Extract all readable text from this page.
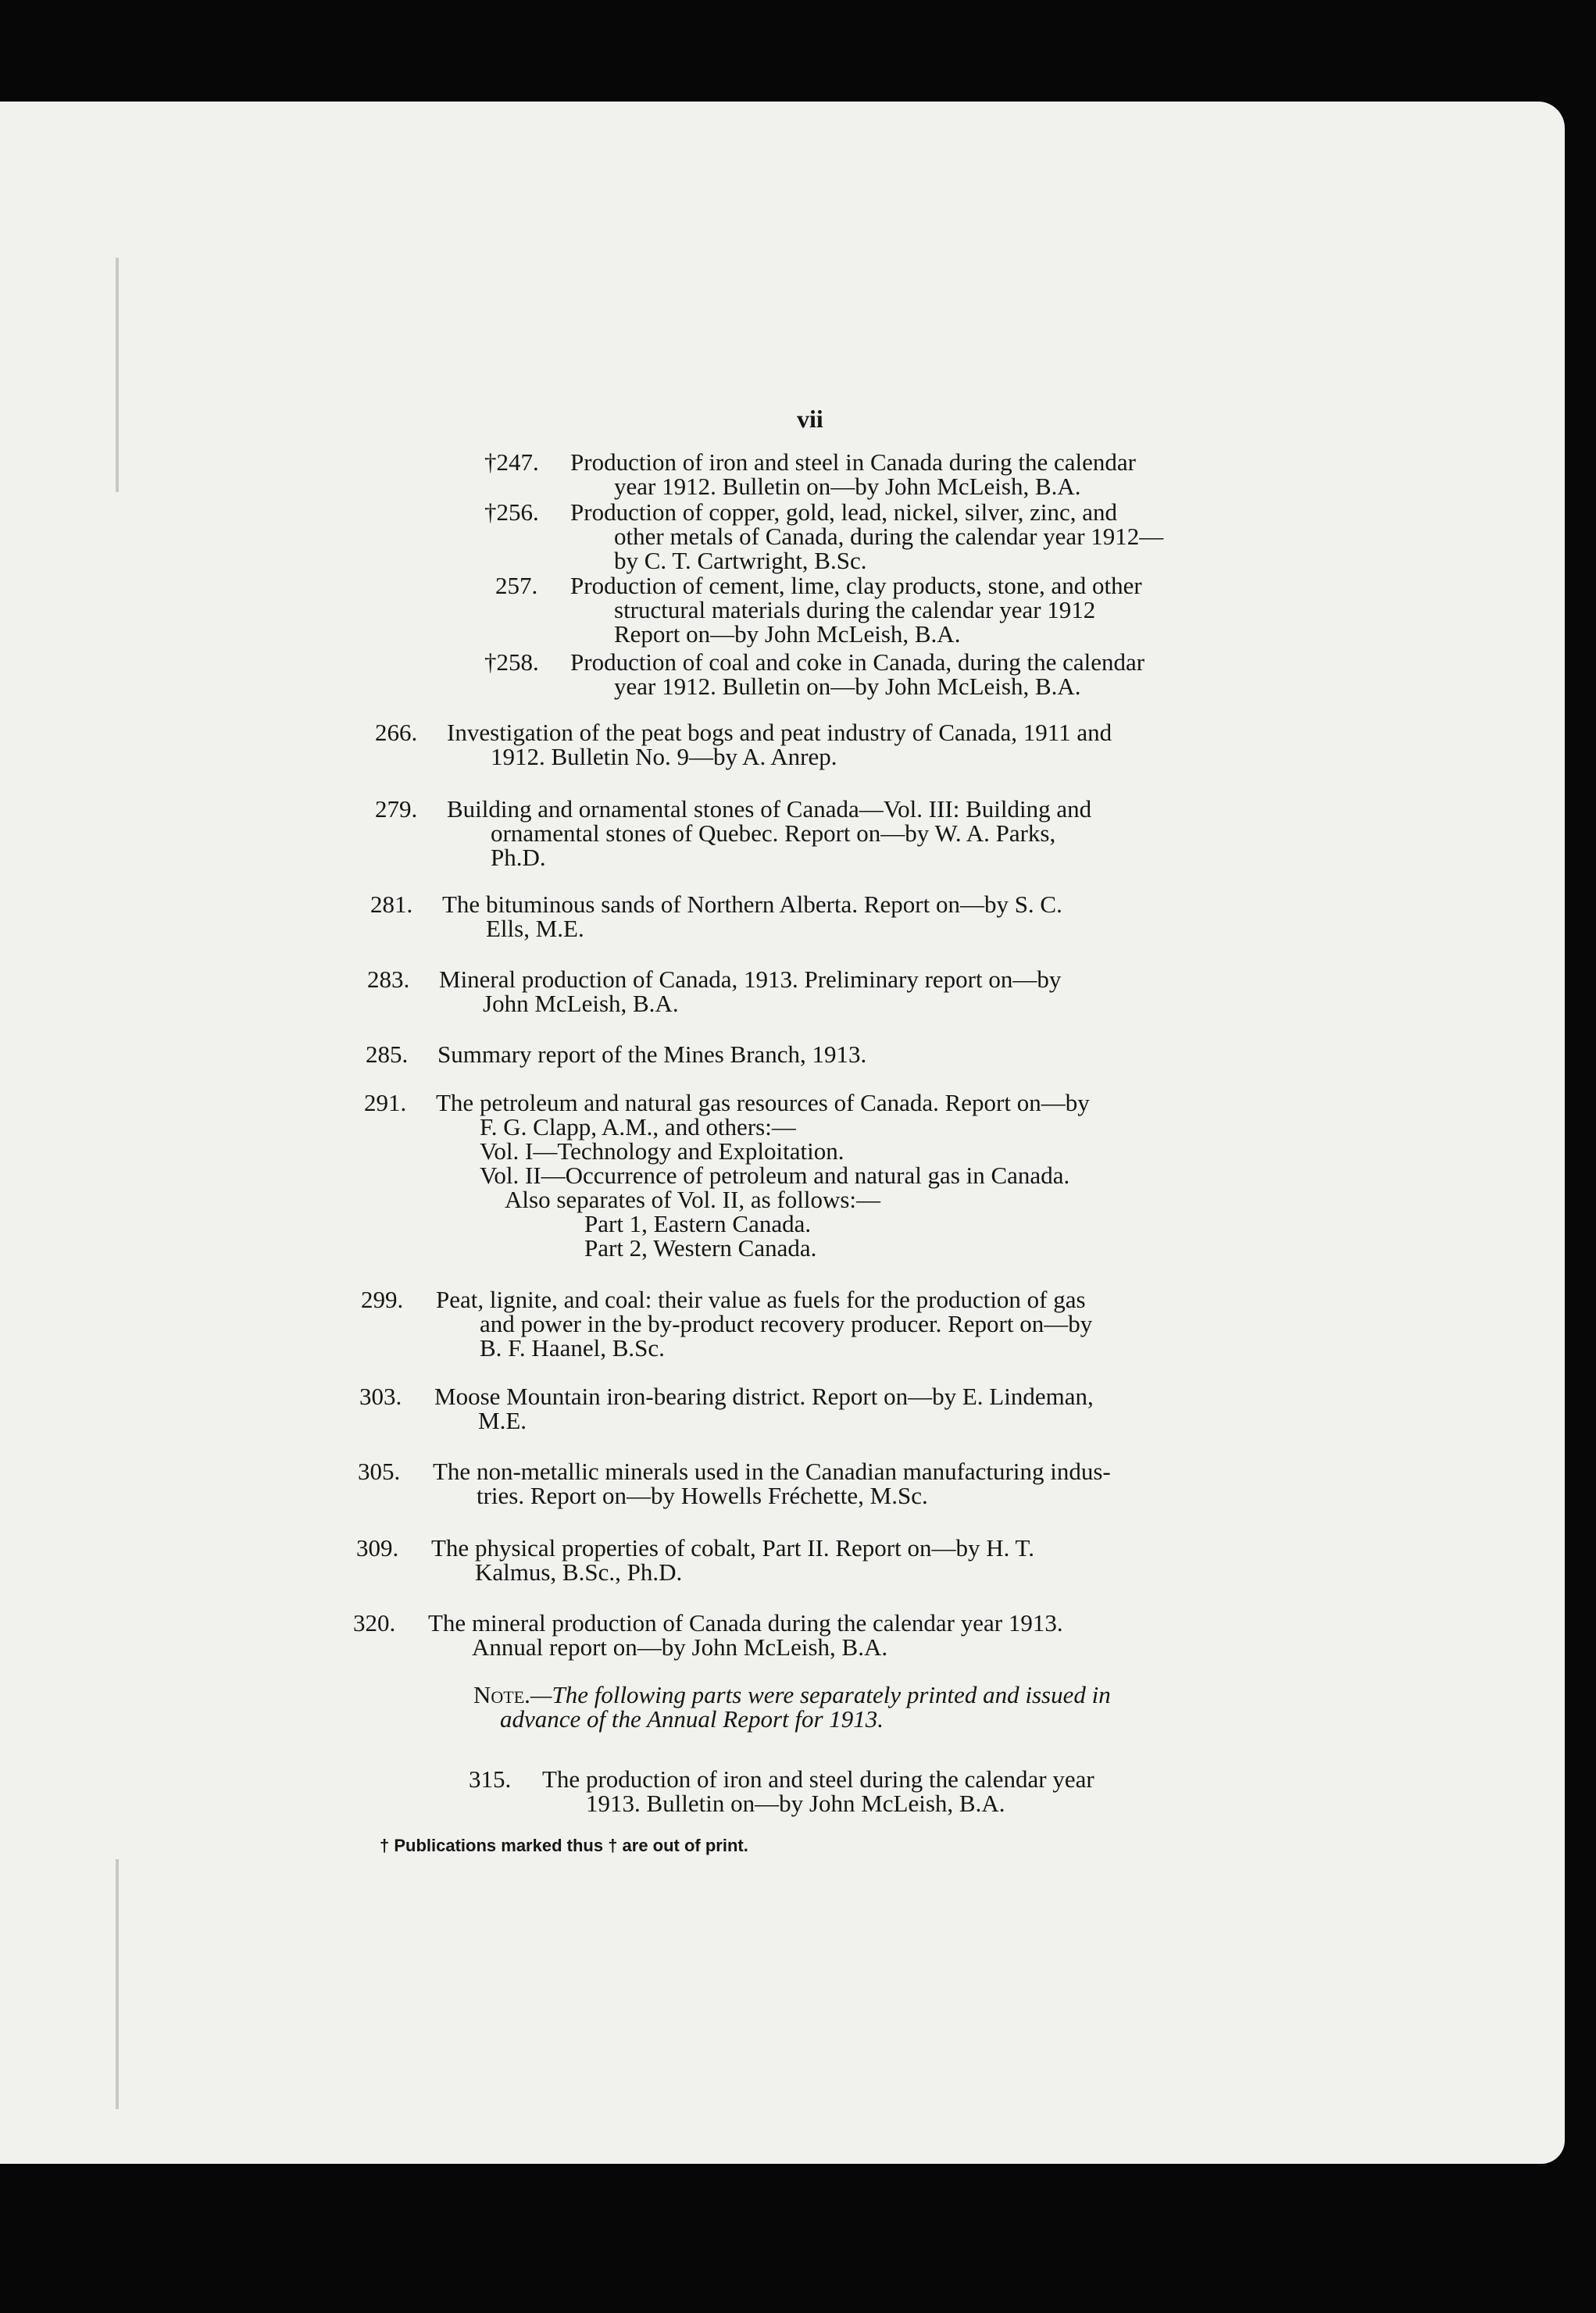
vii
†247. Production of iron and steel in Canada during the calendar
year 1912. Bulletin on—by John McLeish, B.A.
†256. Production of copper, gold, lead, nickel, silver, zinc, and
other metals of Canada, during the calendar year 1912—
by C. T. Cartwright, B.Sc.
257. Production of cement, lime, clay products, stone, and other
structural materials during the calendar year 1912
Report on—by John McLeish, B.A.
†258. Production of coal and coke in Canada, during the calendar
year 1912. Bulletin on—by John McLeish, B.A.
266. Investigation of the peat bogs and peat industry of Canada, 1911 and
1912. Bulletin No. 9—by A. Anrep.
279. Building and ornamental stones of Canada—Vol. III: Building and
ornamental stones of Quebec. Report on—by W. A. Parks,
Ph.D.
281. The bituminous sands of Northern Alberta. Report on—by S. C.
Ells, M.E.
283. Mineral production of Canada, 1913. Preliminary report on—by
John McLeish, B.A.
285. Summary report of the Mines Branch, 1913.
291. The petroleum and natural gas resources of Canada. Report on—by
F. G. Clapp, A.M., and others:—
Vol. I—Technology and Exploitation.
Vol. II—Occurrence of petroleum and natural gas in Canada.
Also separates of Vol. II, as follows:—
Part 1, Eastern Canada.
Part 2, Western Canada.
299. Peat, lignite, and coal: their value as fuels for the production of gas
and power in the by-product recovery producer. Report on—by
B. F. Haanel, B.Sc.
303. Moose Mountain iron-bearing district. Report on—by E. Lindeman,
M.E.
305. The non-metallic minerals used in the Canadian manufacturing indus-
tries. Report on—by Howells Fréchette, M.Sc.
309. The physical properties of cobalt, Part II. Report on—by H. T.
Kalmus, B.Sc., Ph.D.
320. The mineral production of Canada during the calendar year 1913.
Annual report on—by John McLeish, B.A.
315. The production of iron and steel during the calendar year
1913. Bulletin on—by John McLeish, B.A.
Note.—The following parts were separately printed and issued in
advance of the Annual Report for 1913.
† Publications marked thus † are out of print.
